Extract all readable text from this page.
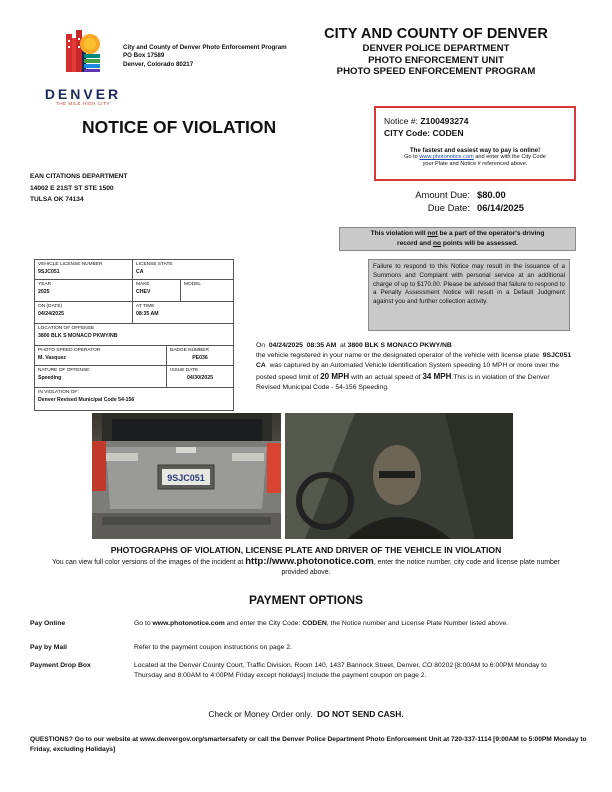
DENVER
THE MILE HIGH CITY
City and County of Denver Photo Enforcement Program
PO Box 17589
Denver, Colorado 80217
CITY AND COUNTY OF DENVER
DENVER POLICE DEPARTMENT
PHOTO ENFORCEMENT UNIT
PHOTO SPEED ENFORCEMENT PROGRAM
NOTICE OF VIOLATION	Notice #: Z100493274
CITY Code: CODEN
The fastest and easiest way to pay is online!
Go to www.photonotice.com and enter with the City Code
your Plate and Notice # referenced above.
EAN CITATIONS DEPARTMENT
14002 E 21ST ST STE 1500
TULSA OK 74134	Amount Due: $80.00
Due Date: 06/14/2025
This violation will not be a part of the operator's driving
record and no points will be assessed.
Failure to respond to this Notice may result in the issuance of a Summons and Complaint with personal service at an additional charge of up to $170.00. Please be advised that failure to respond to a Penalty Assessment Notice will result in a Default Judgment against you and further collection activity.
VEHICLE LICENSE NUMBER
9SJC051
LICENSE STATE
CA
YEAR
2025
MAKE
CHEV
MODEL
ON (DATE)
04/24/2025
AT TIME
08:35 AM
LOCATION OF OFFENSE
3800 BLK S MONACO PKWY/NB
PHOTO SPEED OPERATOR
M. Vasquez
BADGE NUMBER
PE036
NATURE OF OFFENSE:
Speeding
ISSUE DATE
04/30/2025
IN VIOLATION OF:
Denver Revised Municipal Code 54-156
On 04/24/2025 08:35 AM at 3800 BLK S MONACO PKWY/NB
the vehicle registered in your name or the designated operator of the vehicle with license plate 9SJC051  CA was captured by an Automated Vehicle Identification System speeding 10 MPH or more over the posted speed limit of 20 MPH with an actual speed of 34 MPH.This is in violation of the Denver Revised Municipal Code - 54-156 Speeding.
9SJC051
PHOTOGRAPHS OF VIOLATION, LICENSE PLATE AND DRIVER OF THE VEHICLE IN VIOLATION
You can view full color versions of the images of the incident at http://www.photonotice.com, enter the notice number, city code and license plate number provided above.
PAYMENT OPTIONS
Pay Online	Go to www.photonotice.com and enter the City Code: CODEN, the Notice number and License Plate Number listed above.
Pay by Mail	Refer to the payment coupon instructions on page 2.
Payment Drop Box	Located at the Denver County Court, Traffic Division, Room 140, 1437 Bannock Street, Denver, CO 80202 [8:00AM to 6:00PM Monday to Thursday and 8:00AM to 4:00PM Friday except holidays] Include the payment coupon on page 2.
Check or Money Order only. DO NOT SEND CASH.
QUESTIONS? Go to our website at www.denvergov.org/smartersafety or call the Denver Police Department Photo Enforcement Unit at 720-337-1114 [9:00AM to 5:00PM Monday to Friday, excluding Holidays]
